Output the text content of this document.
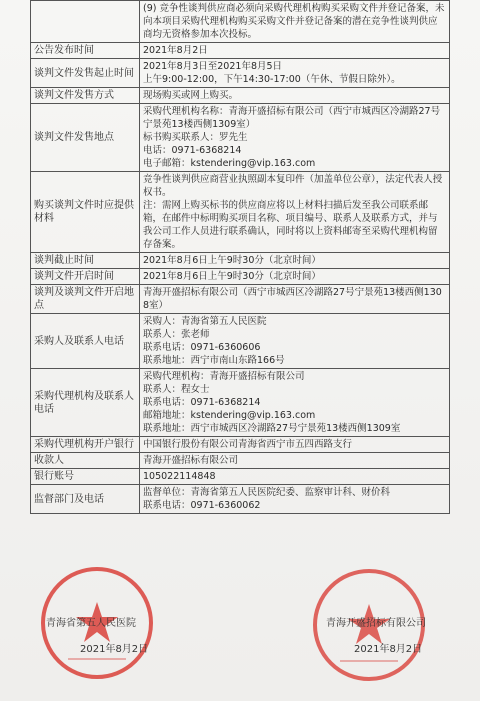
	(9) 竞争性谈判供应商必须向采购代理机构购买采购文件并登记备案，未向本项目采购代理机构购买采购文件并登记备案的潜在竞争性谈判供应商均无资格参加本次投标。

公告发布时间	2021年8月2日

谈判文件发售起止时间	2021年8月3日至2021年8月5日
上午9:00-12:00，下午14:30-17:00（午休、节假日除外）。

谈判文件发售方式	现场购买或网上购买。

谈判文件发售地点	采购代理机构名称：青海开盛招标有限公司（西宁市城西区冷湖路27号宁景苑13楼西侧1309室）
标书购买联系人：罗先生
电话：0971-6368214
电子邮箱：kstendering@vip.163.com

购买谈判文件时应提供材料	竞争性谈判供应商营业执照副本复印件（加盖单位公章），法定代表人授权书。
注：需网上购买标书的供应商应将以上材料扫描后发至我公司联系邮箱，在邮件中标明购买项目名称、项目编号、联系人及联系方式，并与我公司工作人员进行联系确认，同时将以上资料邮寄至采购代理机构留存备案。

谈判截止时间	2021年8月6日上午9时30分（北京时间）

谈判文件开启时间	2021年8月6日上午9时30分（北京时间）

谈判及谈判文件开启地点	青海开盛招标有限公司（西宁市城西区冷湖路27号宁景苑13楼西侧1308室）

采购人及联系人电话	采购人：青海省第五人民医院
联系人：张老师
联系电话：0971-6360606
联系地址：西宁市南山东路166号

采购代理机构及联系人电话	采购代理机构：青海开盛招标有限公司
联系人：程女士
联系电话：0971-6368214
邮箱地址：kstendering@vip.163.com
联系地址：西宁市城西区冷湖路27号宁景苑13楼西侧1309室

采购代理机构开户银行	中国银行股份有限公司青海省西宁市五四西路支行

收款人	青海开盛招标有限公司

银行账号	105022114848

监督部门及电话	监督单位：青海省第五人民医院纪委、监察审计科、财价科
联系电话：0971-6360062
青海省第五人民医院
2021年8月2日
青海开盛招标有限公司
2021年8月2日
